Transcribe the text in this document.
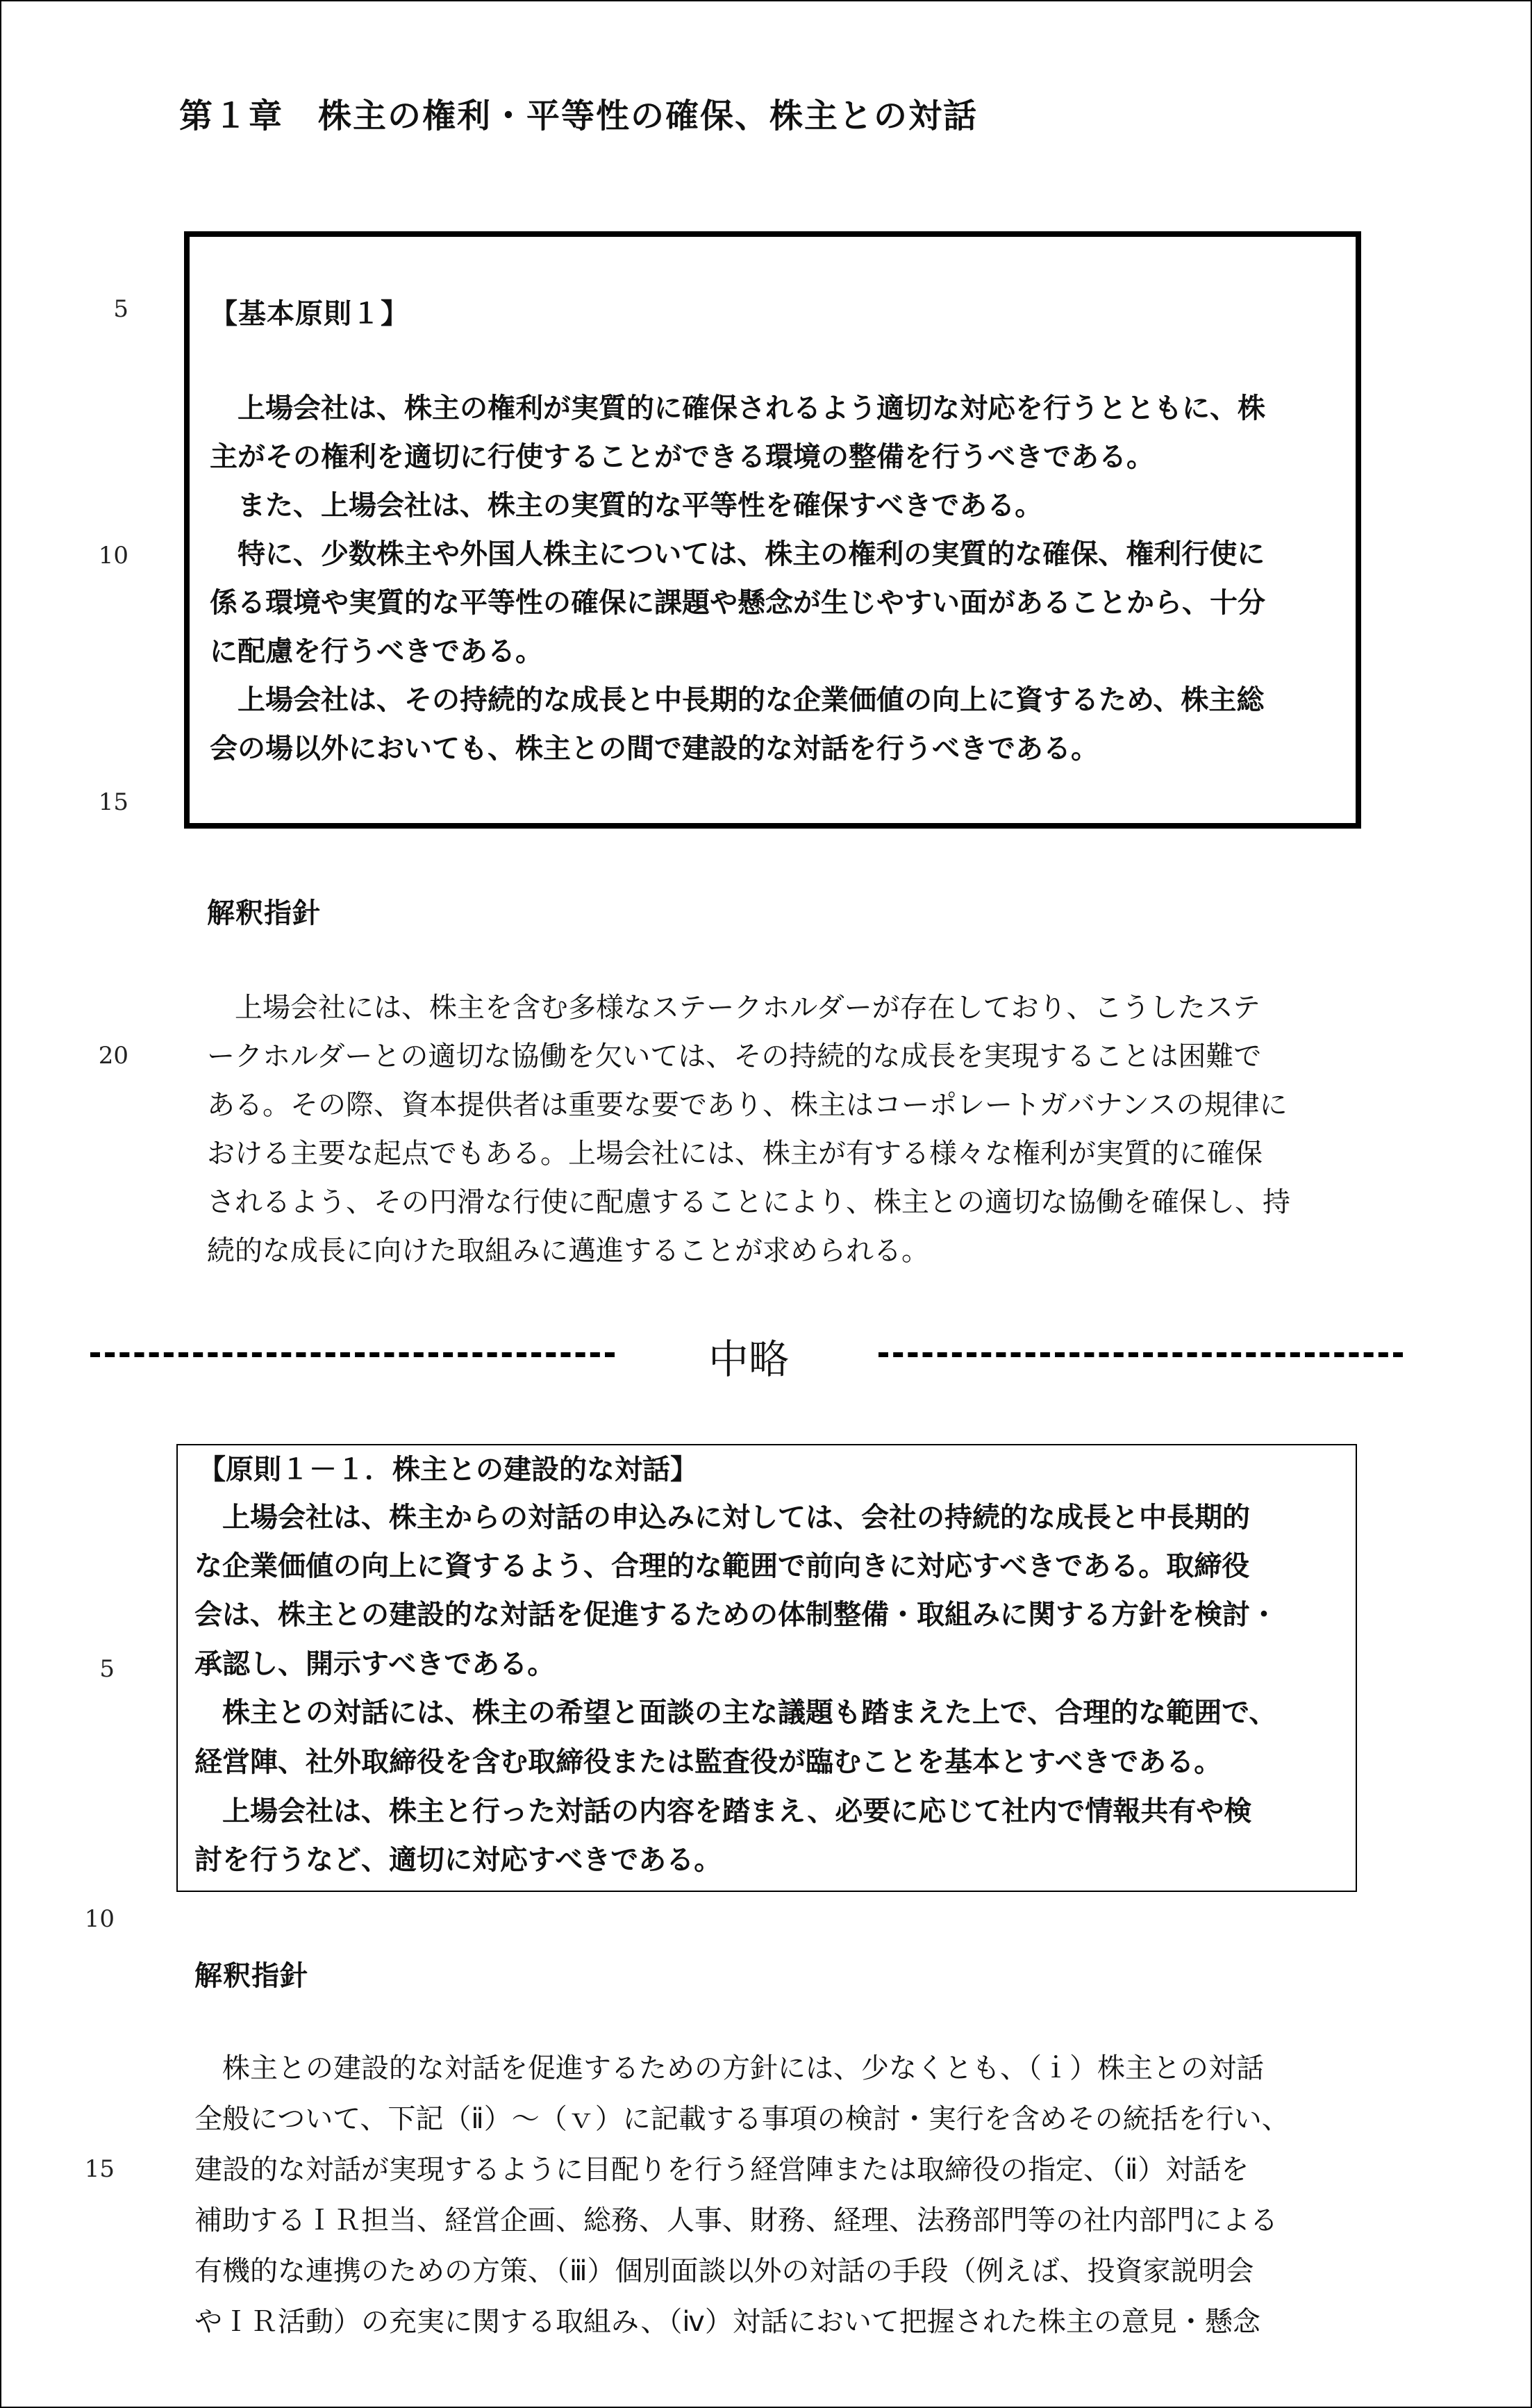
第１章　株主の権利・平等性の確保、株主との対話
【基本原則１】
　上場会社は、株主の権利が実質的に確保されるよう適切な対応を行うとともに、株
主がその権利を適切に行使することができる環境の整備を行うべきである。
　また、上場会社は、株主の実質的な平等性を確保すべきである。
　特に、少数株主や外国人株主については、株主の権利の実質的な確保、権利行使に
係る環境や実質的な平等性の確保に課題や懸念が生じやすい面があることから、十分
に配慮を行うべきである。
　上場会社は、その持続的な成長と中長期的な企業価値の向上に資するため、株主総
会の場以外においても、株主との間で建設的な対話を行うべきである。
5
10
15
20
解釈指針
　上場会社には、株主を含む多様なステークホルダーが存在しており、こうしたステ
ークホルダーとの適切な協働を欠いては、その持続的な成長を実現することは困難で
ある。その際、資本提供者は重要な要であり、株主はコーポレートガバナンスの規律に
おける主要な起点でもある。上場会社には、株主が有する様々な権利が実質的に確保
されるよう、その円滑な行使に配慮することにより、株主との適切な協働を確保し、持
続的な成長に向けた取組みに邁進することが求められる。
中略
【原則１－１．株主との建設的な対話】
　上場会社は、株主からの対話の申込みに対しては、会社の持続的な成長と中長期的
な企業価値の向上に資するよう、合理的な範囲で前向きに対応すべきである。取締役
会は、株主との建設的な対話を促進するための体制整備・取組みに関する方針を検討・
承認し、開示すべきである。
　株主との対話には、株主の希望と面談の主な議題も踏まえた上で、合理的な範囲で、
経営陣、社外取締役を含む取締役または監査役が臨むことを基本とすべきである。
　上場会社は、株主と行った対話の内容を踏まえ、必要に応じて社内で情報共有や検
討を行うなど、適切に対応すべきである。
5
10
15
解釈指針
　株主との建設的な対話を促進するための方針には、少なくとも、（ｉ）株主との対話
全般について、下記（ⅱ）～（ｖ）に記載する事項の検討・実行を含めその統括を行い、
建設的な対話が実現するように目配りを行う経営陣または取締役の指定、（ⅱ）対話を
補助するＩＲ担当、経営企画、総務、人事、財務、経理、法務部門等の社内部門による
有機的な連携のための方策、（ⅲ）個別面談以外の対話の手段（例えば、投資家説明会
やＩＲ活動）の充実に関する取組み、（ⅳ）対話において把握された株主の意見・懸念
